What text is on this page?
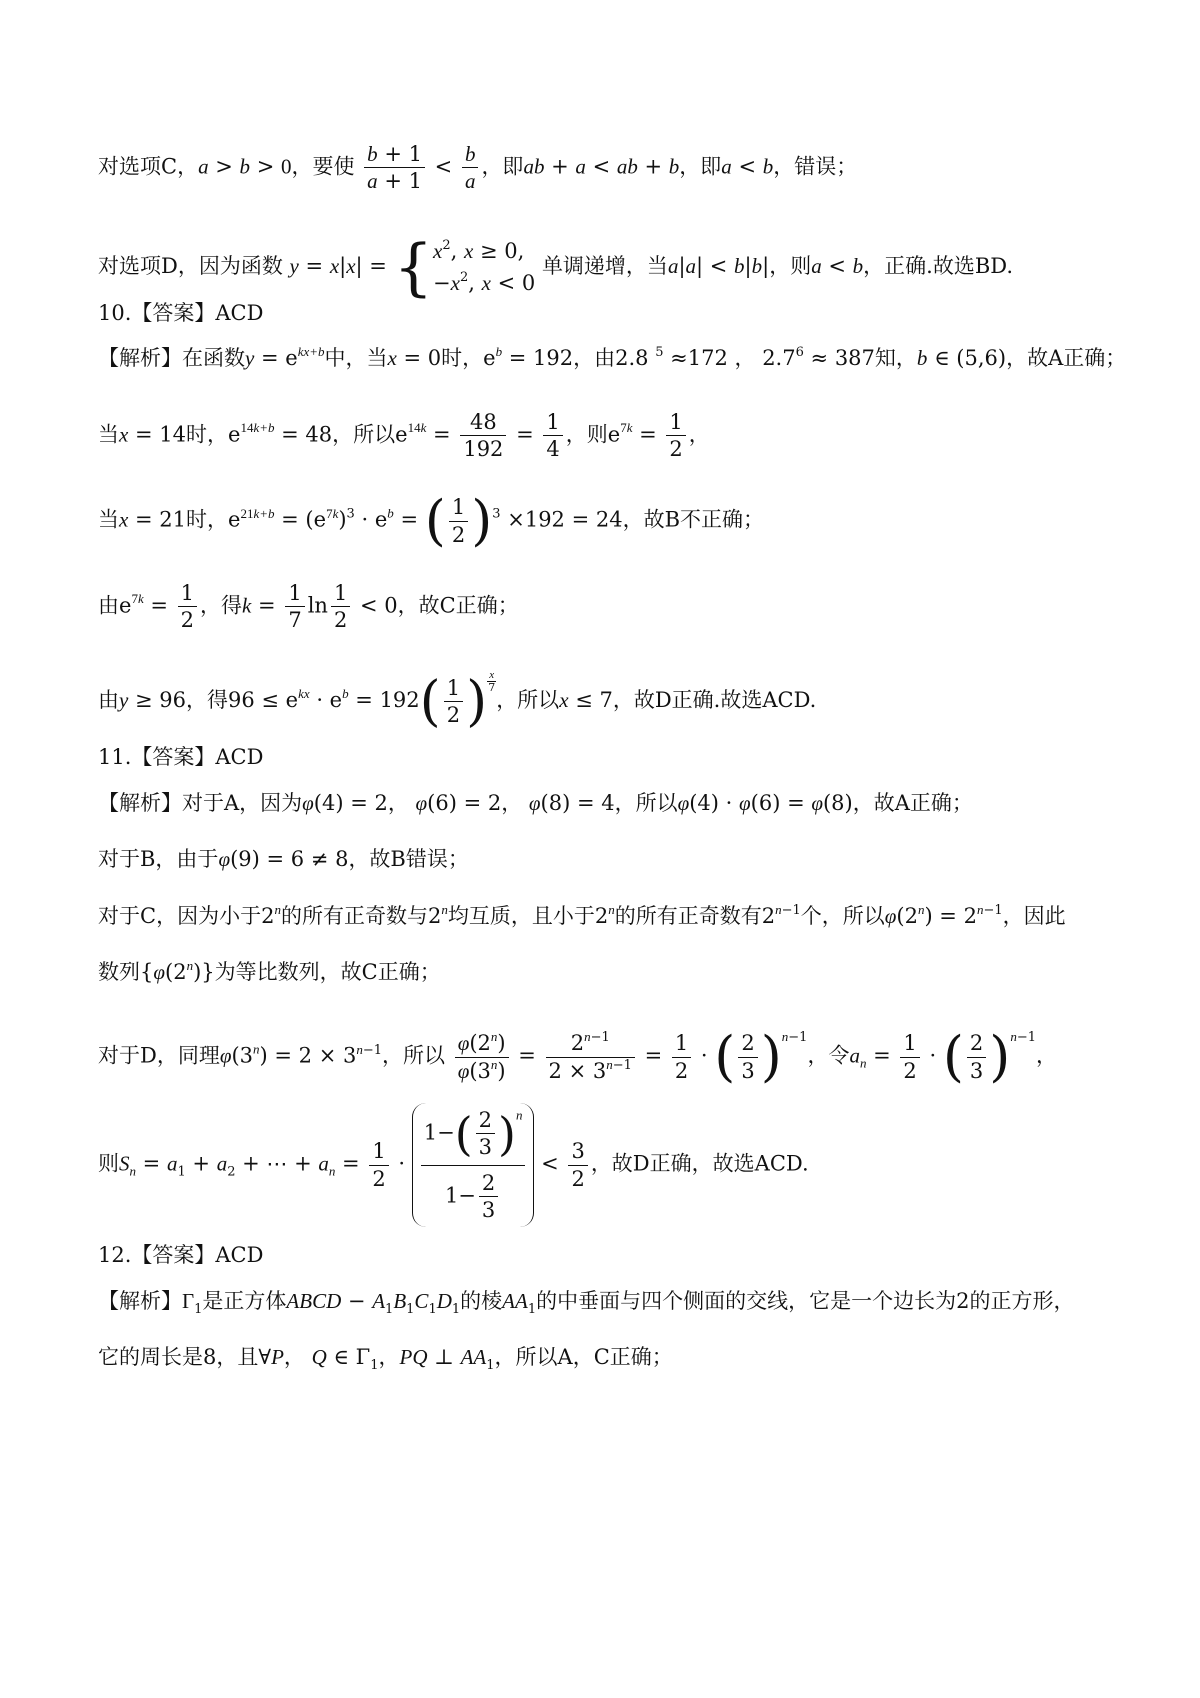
对选项C，a > b > 0，要使 $\frac{b + 1}{a + 1} < \frac{b}{a}$ ，即ab + a < ab + b，即a < b，错误；
对选项D，因为函数 y = x|x| = { $x^2$, x ≥ 0,
$-x^2$, x < 0
单调递增，当a|a| < b|b|，则a < b，正确.故选BD.
10.【答案】ACD
【解析】在函数$y = e^{kx+b}$中，当x = 0时，$e^b = 192$，由2.8 $^5$ ≈172 ， $2.7^6 \approx 387$知，b ∈ (5,6)，故A正确；
当x = 14时，$e^{14k+b} = 48$，所以$e^{14k} = \frac{48}{192} = \frac{1}{4}$ ，则$e^{7k} = \frac{1}{2}$ ，
当x = 21时，$e^{21k+b} = (e^{7k})^3 \cdot e^b$ = ( $\frac{1}{2} )^3 \times 192 = 24$，故B不正确；
由$e^{7k} = \frac{1}{2}$ ，得$k = \frac{1}{7}$ $\ln \frac{1}{2} < 0$，故C正确；
由y ≥ 96，得$96 \le e^{kx} \cdot e^b = 192( \frac{1}{2}$ ) $^{\frac{x}{7}}$
，所以x ≤ 7，故D正确.故选ACD.
11.【答案】ACD
【解析】对于A，因为φ(4) = 2， φ(6) = 2， φ(8) = 4，所以φ(4) · φ(6) = φ(8)，故A正确；
对于B，由于φ(9) = 6 ≠ 8，故B错误；
对于C，因为小于2$^n$的所有正奇数与2$^n$均互质，且小于2$^n$的所有正奇数有$2^{n-1}$个，所以$\varphi(2^n) = 2^{n-1}$，因此
数列{φ(2$^n$)}为等比数列，故C正确；
对于D，同理$\varphi(3^n) = 2 \times 3^{n-1}$，所以 $\frac{\varphi(2^n)}{\varphi(3^n)} = \frac{2^{n-1}}{2 \times 3^{n-1}} = \frac{1}{2}$ · ( $\frac{2}{3} )^{n-1}$，令$a_n = \frac{1}{2}$ · ( $\frac{2}{3} )^{n-1}$，
则$S_n = a_1 + a_2$ + ⋯ + $a_n = \frac{1}{2} \cdot \frac{1-( \frac{2}{3} )^n}{1- \frac{2}{3}} < \frac{3}{2}$ ，故D正确，故选ACD.
12.【答案】ACD
【解析】$\Gamma_1$是正方体ABCD − $A_1B_1C_1D_1$的棱$AA_1$的中垂面与四个侧面的交线，它是一个边长为2的正方形，
它的周长是8，且∀P， Q ∈ $\Gamma_1$，PQ ⊥ $AA_1$，所以A，C正确；
